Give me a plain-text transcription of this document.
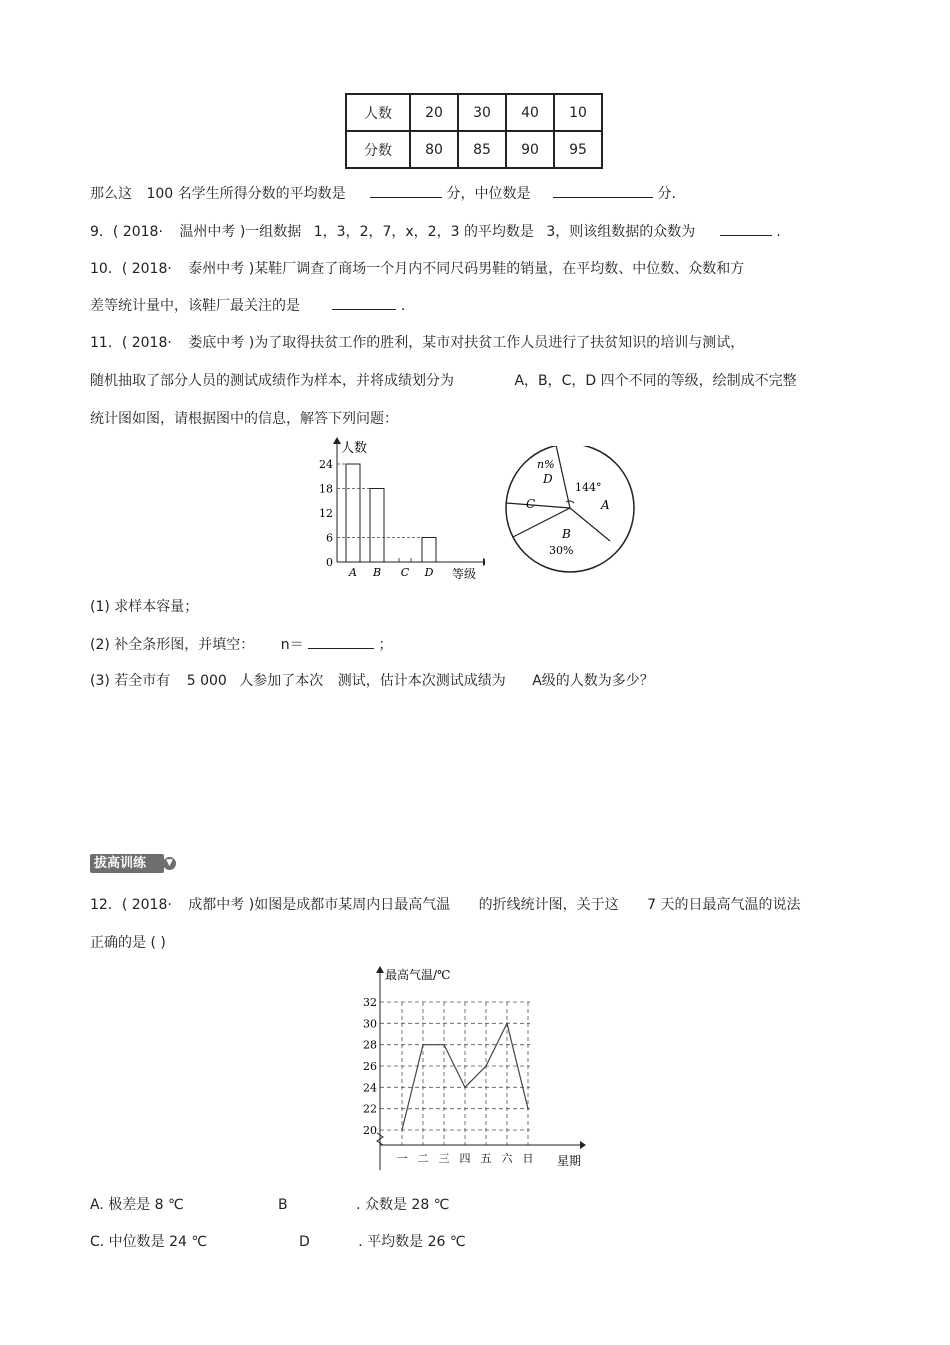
人数	20	30	40	10
分数	80	85	90	95
那么这 100 名学生所得分数的平均数是	分，中位数是	分.
9．( 2018· 温州中考 )一组数据 1，3，2，7，x，2，3 的平均数是 3，则该组数据的众数为	.
10．( 2018· 泰州中考 )某鞋厂调查了商场一个月内不同尺码男鞋的销量，在平均数、中位数、众数和方
差等统计量中，该鞋厂最关注的是	.
11．( 2018· 娄底中考 )为了取得扶贫工作的胜利，某市对扶贫工作人员进行了扶贫知识的培训与测试，
随机抽取了部分人员的测试成绩作为样本，并将成绩划分为	A，B，C，D 四个不同的等级，绘制成不完整
统计图如图，请根据图中的信息，解答下列问题：
0
6
12
18
24
A B C D
人数
等级
A
144°
B
30%
C
n%
D
(1) 求样本容量；
(2) 补全条形图，并填空： n＝	；
(3) 若全市有 5 000 人参加了本次 测试，估计本次测试成绩为 A级的人数为多少？
拔高训练	▼
12．( 2018· 成都中考 )如图是成都市某周内日最高气温 的折线统计图，关于这 7 天的日最高气温的说法
正确的是 ( )
20
22
24
26
28
30
32
一 二 三 四 五 六 日
最高气温/℃
星期
A. 极差是 8 ℃	B	. 众数是 28 ℃
C. 中位数是 24 ℃	D	. 平均数是 26 ℃
